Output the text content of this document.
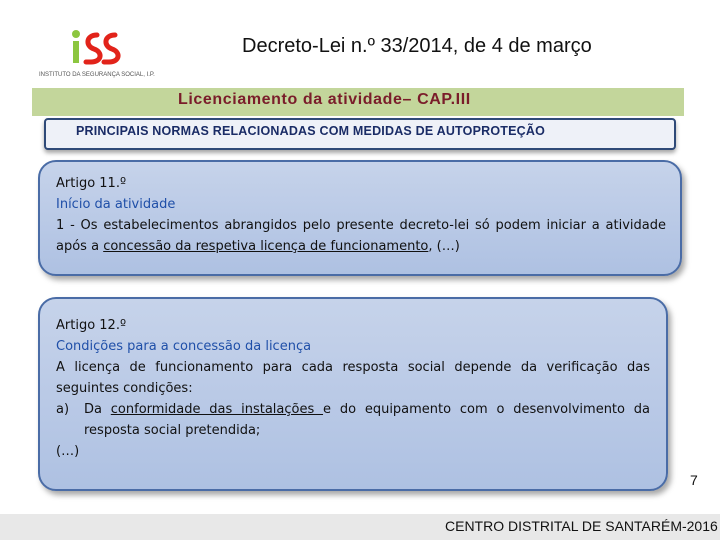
INSTITUTO DA SEGURANÇA SOCIAL, I.P.
Decreto-Lei n.º 33/2014, de 4 de março
Licenciamento da atividade– CAP.III
PRINCIPAIS NORMAS RELACIONADAS COM MEDIDAS DE AUTOPROTEÇÃO
Artigo 11.º
Início da atividade
1 - Os estabelecimentos abrangidos pelo presente decreto-lei só podem iniciar a atividade após a concessão da respetiva licença de funcionamento, (…)
Artigo 12.º
Condições para a concessão da licença
A licença de funcionamento para cada resposta social depende da verificação das seguintes condições:
a) Da conformidade das instalações e do equipamento com o desenvolvimento da resposta social pretendida;
(…)
7
CENTRO DISTRITAL DE SANTARÉM-2016
